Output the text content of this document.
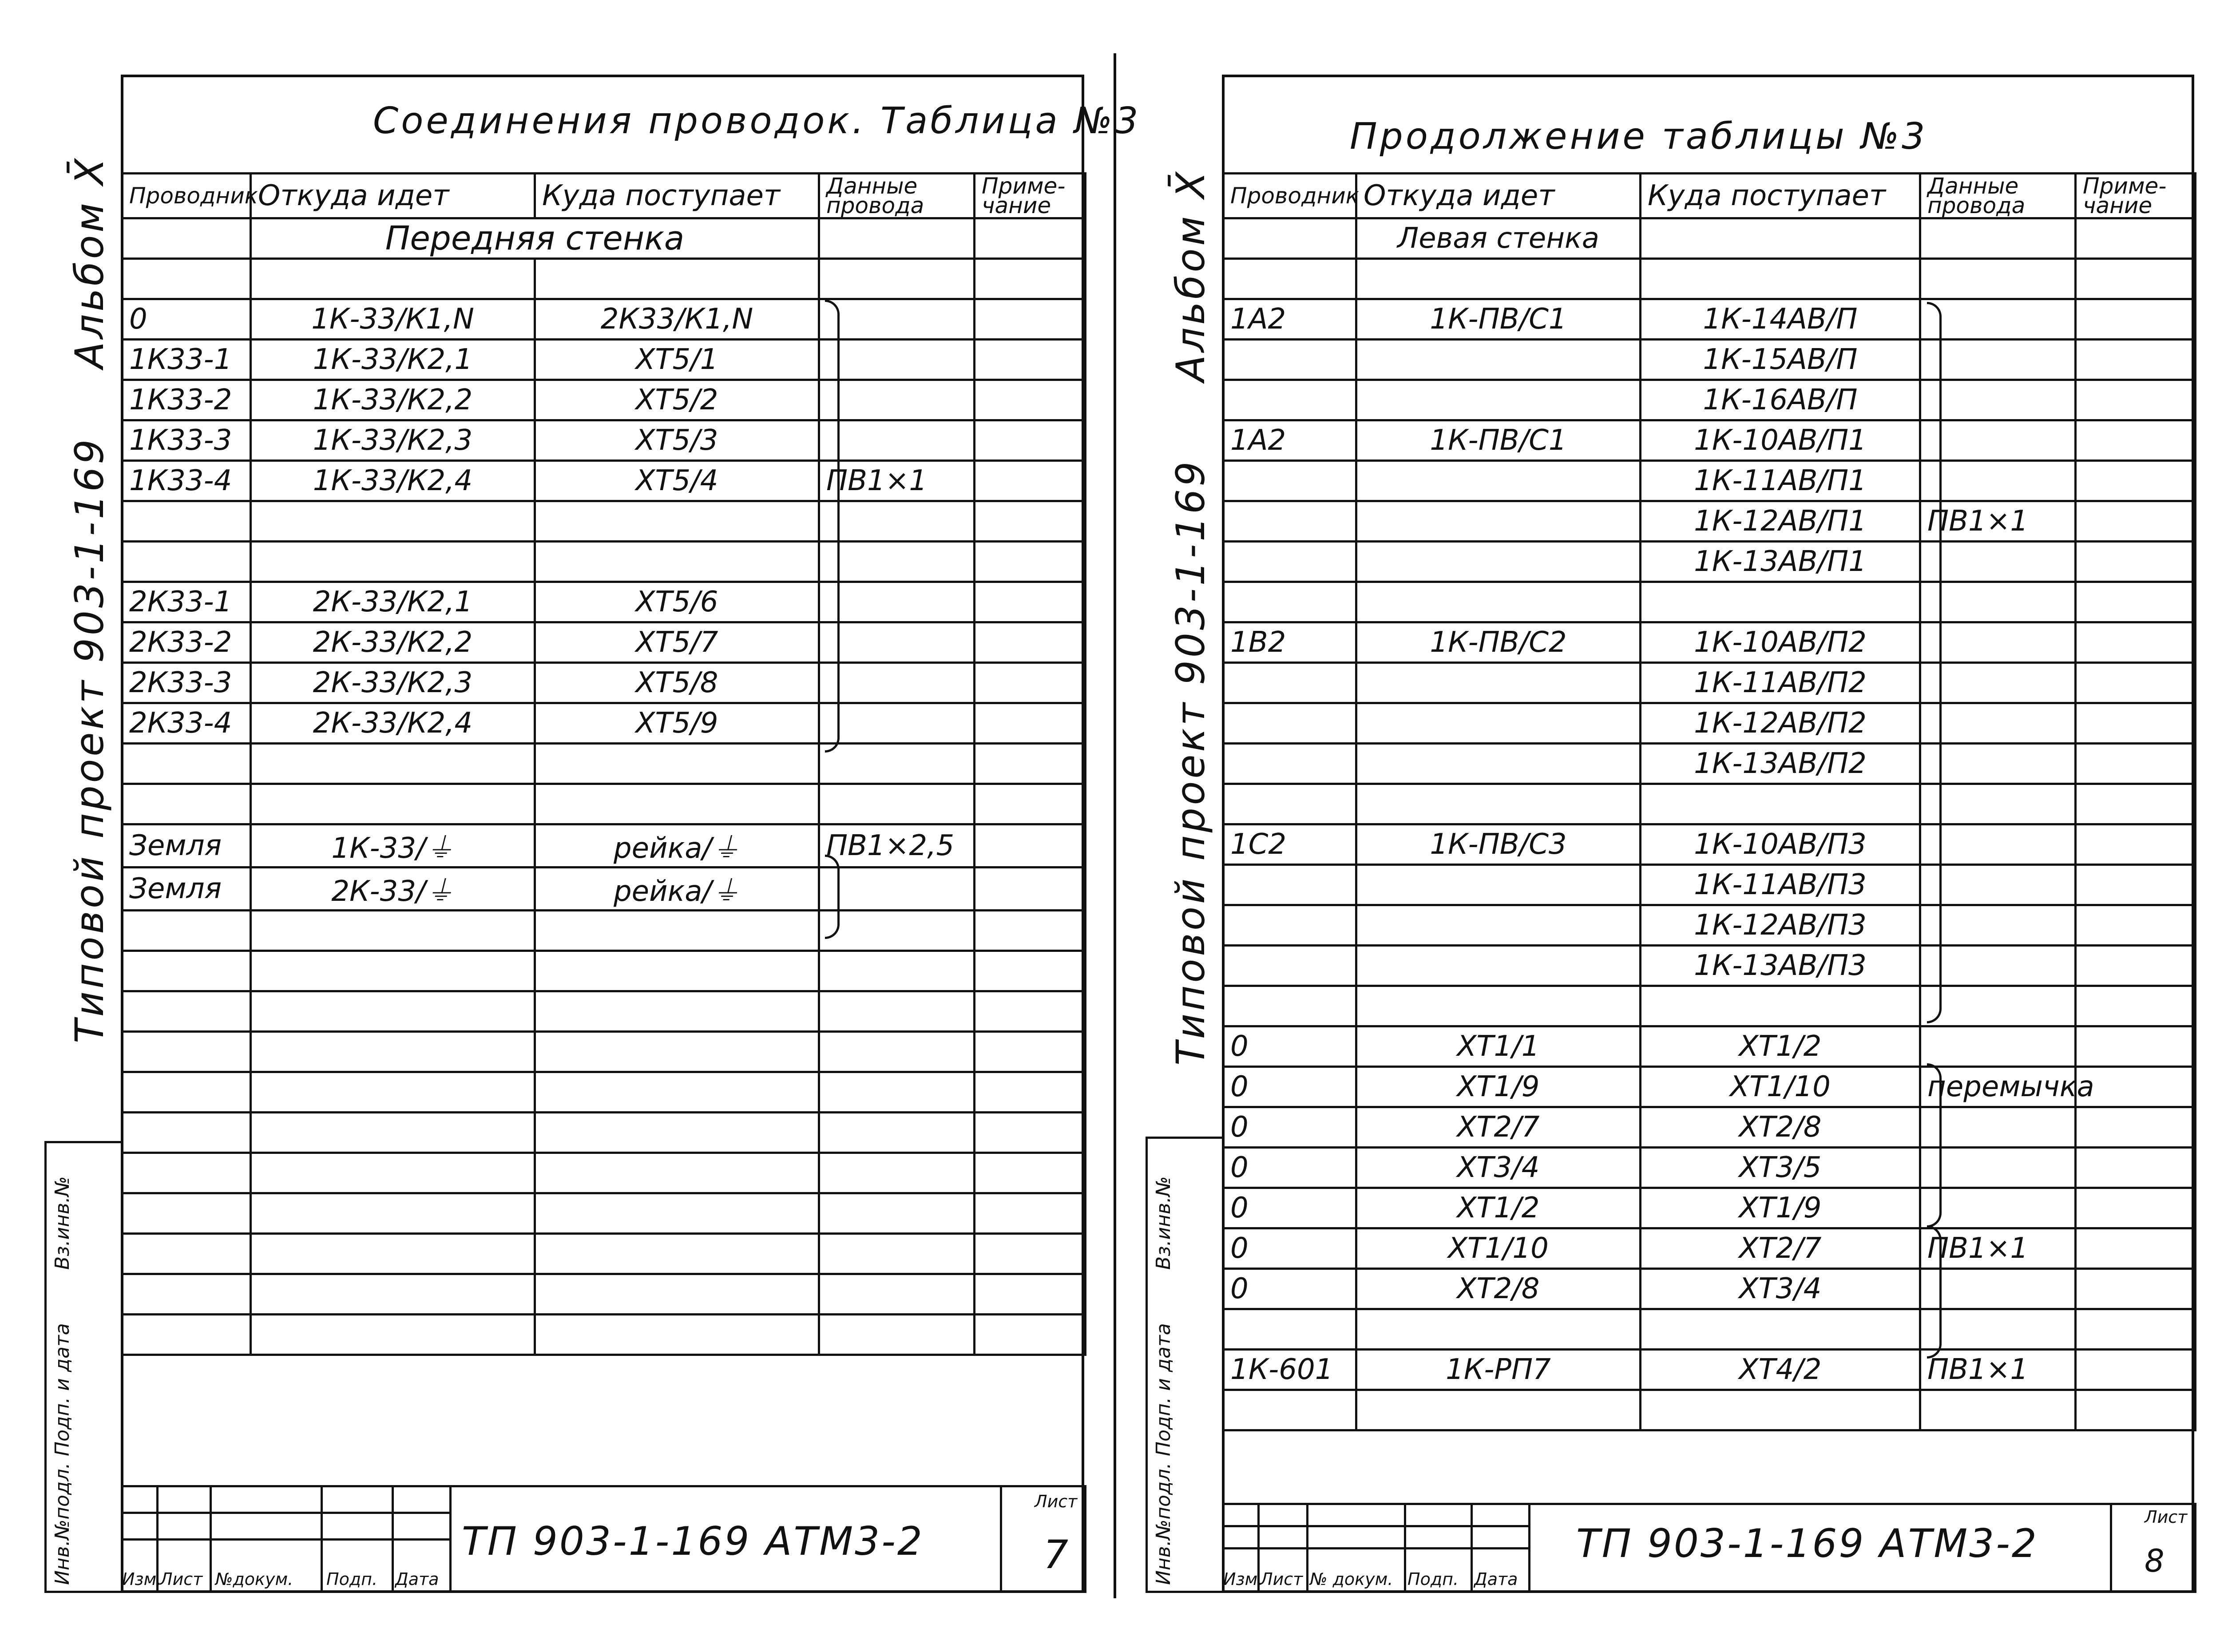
Соединения проводок. Таблица №3
Альбом X̄
Типовой проект 903-1-169
Инв.№подл.
Подп. и дата
Вз.инв.№
Проводник	Откуда идет	Куда поступает	Данные провода	Приме-чание
	Передняя стенка			

0	1К-33/К1,N	2К33/К1,N		
1К33-1	1К-33/К2,1	ХТ5/1		
1К33-2	1К-33/К2,2	ХТ5/2		
1К33-3	1К-33/К2,3	ХТ5/3		
1К33-4	1К-33/К2,4	ХТ5/4	ПВ1×1	

2К33-1	2К-33/К2,1	ХТ5/6		
2К33-2	2К-33/К2,2	ХТ5/7		
2К33-3	2К-33/К2,3	ХТ5/8		
2К33-4	2К-33/К2,4	ХТ5/9		

Земля	1К-33/⏚	рейка/⏚	ПВ1×2,5	
Земля	2К-33/⏚	рейка/⏚		

ТП 903-1-169 АТМ3-2
Лист
7
Изм.
Лист №докум. Подп. Дата
Продолжение таблицы №3
Альбом X̄
Типовой проект 903-1-169
Инв.№подл.
Подп. и дата
Вз.инв.№
Проводник	Откуда идет	Куда поступает	Данные провода	Приме-чание
	Левая стенка			

1А2	1К-ПВ/С1	1К-14АВ/П		
		1К-15АВ/П		
		1К-16АВ/П		
1А2	1К-ПВ/С1	1К-10АВ/П1		
		1К-11АВ/П1		
		1К-12АВ/П1	ПВ1×1	
		1К-13АВ/П1		

1В2	1К-ПВ/С2	1К-10АВ/П2		
		1К-11АВ/П2		
		1К-12АВ/П2		
		1К-13АВ/П2		

1С2	1К-ПВ/С3	1К-10АВ/П3		
		1К-11АВ/П3		
		1К-12АВ/П3		
		1К-13АВ/П3		

0	ХТ1/1	ХТ1/2		
0	ХТ1/9	ХТ1/10	перемычка	
0	ХТ2/7	ХТ2/8		
0	ХТ3/4	ХТ3/5		
0	ХТ1/2	ХТ1/9		
0	ХТ1/10	ХТ2/7	ПВ1×1	
0	ХТ2/8	ХТ3/4		

1К-601	1К-РП7	ХТ4/2	ПВ1×1	

ТП 903-1-169 АТМ3-2
Лист
8
Изм.
Лист № докум. Подп. Дата
